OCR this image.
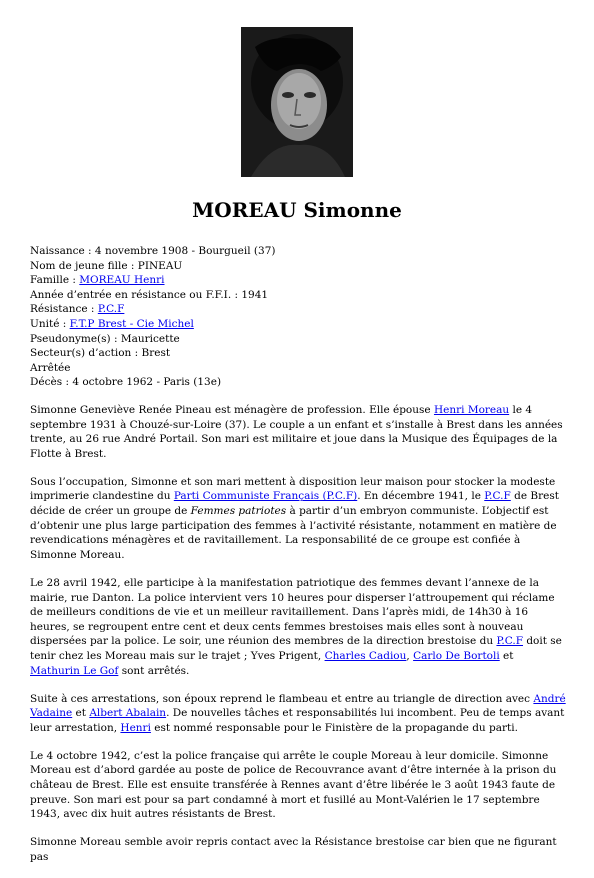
MOREAU Simonne
Naissance : 4 novembre 1908 - Bourgueil (37)
Nom de jeune fille : PINEAU
Famille : MOREAU Henri
Année d’entrée en résistance ou F.F.I. : 1941
Résistance : P.C.F
Unité : F.T.P Brest - Cie Michel
Pseudonyme(s) : Mauricette
Secteur(s) d’action : Brest
Arrêtée
Décès : 4 octobre 1962 - Paris (13e)

Simonne Geneviève Renée Pineau est ménagère de profession. Elle épouse Henri Moreau le 4 septembre 1931 à Chouzé-sur-Loire (37). Le couple a un enfant et s’installe à Brest dans les années trente, au 26 rue André Portail. Son mari est militaire et joue dans la Musique des Équipages de la Flotte à Brest.

Sous l’occupation, Simonne et son mari mettent à disposition leur maison pour stocker la modeste imprimerie clandestine du Parti Communiste Français (P.C.F). En décembre 1941, le P.C.F de Brest décide de créer un groupe de Femmes patriotes à partir d’un embryon communiste. L’objectif est d’obtenir une plus large participation des femmes à l’activité résistante, notamment en matière de revendications ménagères et de ravitaillement. La responsabilité de ce groupe est confiée à Simonne Moreau.

Le 28 avril 1942, elle participe à la manifestation patriotique des femmes devant l’annexe de la mairie, rue Danton. La police intervient vers 10 heures pour disperser l’attroupement qui réclame de meilleurs conditions de vie et un meilleur ravitaillement. Dans l’après midi, de 14h30 à 16 heures, se regroupent entre cent et deux cents femmes brestoises mais elles sont à nouveau dispersées par la police. Le soir, une réunion des membres de la direction brestoise du P.C.F doit se tenir chez les Moreau mais sur le trajet ; Yves Prigent, Charles Cadiou, Carlo De Bortoli et Mathurin Le Gof sont arrêtés.

Suite à ces arrestations, son époux reprend le flambeau et entre au triangle de direction avec André Vadaine et Albert Abalain. De nouvelles tâches et responsabilités lui incombent. Peu de temps avant leur arrestation, Henri est nommé responsable pour le Finistère de la propagande du parti.

Le 4 octobre 1942, c’est la police française qui arrête le couple Moreau à leur domicile. Simonne Moreau est d’abord gardée au poste de police de Recouvrance avant d’être internée à la prison du château de Brest. Elle est ensuite transférée à Rennes avant d’être libérée le 3 août 1943 faute de preuve. Son mari est pour sa part condamné à mort et fusillé au Mont-Valérien le 17 septembre 1943, avec dix huit autres résistants de Brest.

Simonne Moreau semble avoir repris contact avec la Résistance brestoise car bien que ne figurant pas
